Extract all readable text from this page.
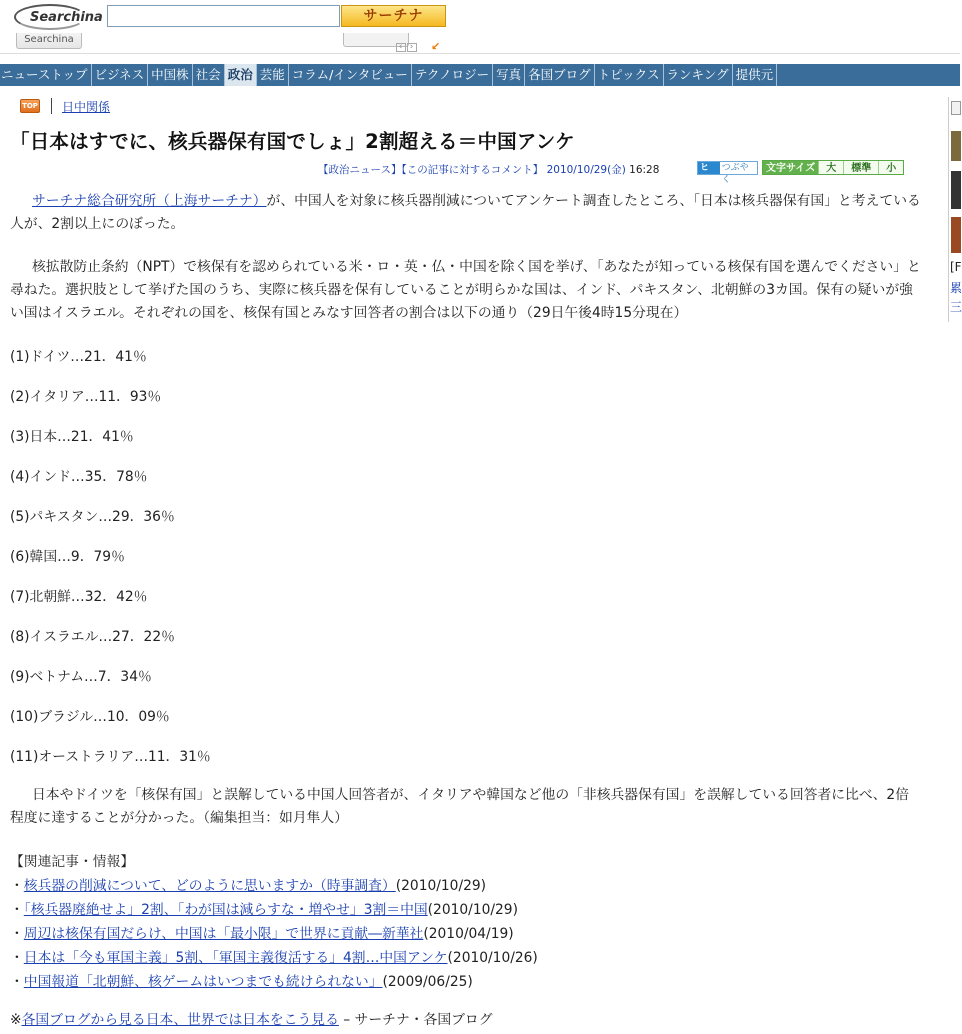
Searchina	サーチナ
Searchina
‹ ›	↙
ニューストップ ビジネス 中国株 社会 政治 芸能 コラム/インタビュー テクノロジー 写真 各国ブログ トピックス ランキング 提供元
TOP 日中関係
「日本はすでに、核兵器保有国でしょ」2割超える＝中国アンケ
【政治ニュース】【この記事に対するコメント】 2010/10/29(金) 16:28	ヒで
つぶやく
文字サイズ	大	標準	小
サーチナ総合研究所（上海サーチナ）が、中国人を対象に核兵器削減についてアンケート調査したところ、「日本は核兵器保有国」と考えている人が、2割以上にのぼった。
核拡散防止条約（NPT）で核保有を認められている米・ロ・英・仏・中国を除く国を挙げ、「あなたが知っている核保有国を選んでください」と尋ねた。選択肢として挙げた国のうち、実際に核兵器を保有していることが明らかな国は、インド、パキスタン、北朝鮮の3カ国。保有の疑いが強い国はイスラエル。それぞれの国を、核保有国とみなす回答者の割合は以下の通り（29日午後4時15分現在）
(1)ドイツ…21．41％
(2)イタリア…11．93％
(3)日本…21．41％
(4)インド…35．78％
(5)パキスタン…29．36％
(6)韓国…9．79％
(7)北朝鮮…32．42％
(8)イスラエル…27．22％
(9)ベトナム…7．34％
(10)ブラジル…10．09％
(11)オーストラリア…11．31％
日本やドイツを「核保有国」と誤解している中国人回答者が、イタリアや韓国など他の「非核兵器保有国」を誤解している回答者に比べ、2倍程度に達することが分かった。（編集担当：如月隼人）
【関連記事・情報】
・核兵器の削減について、どのように思いますか（時事調査）(2010/10/29)
・「核兵器廃絶せよ」2割、「わが国は減らすな・増やせ」3割＝中国(2010/10/29)
・周辺は核保有国だらけ、中国は「最小限」で世界に貢献―新華社(2010/04/19)
・日本は「今も軍国主義」5割、「軍国主義復活する」4割…中国アンケ(2010/10/26)
・中国報道「北朝鮮、核ゲームはいつまでも続けられない」(2009/06/25)
※各国ブログから見る日本、世界では日本をこう見る – サーチナ・各国ブログ
[F
累
三
